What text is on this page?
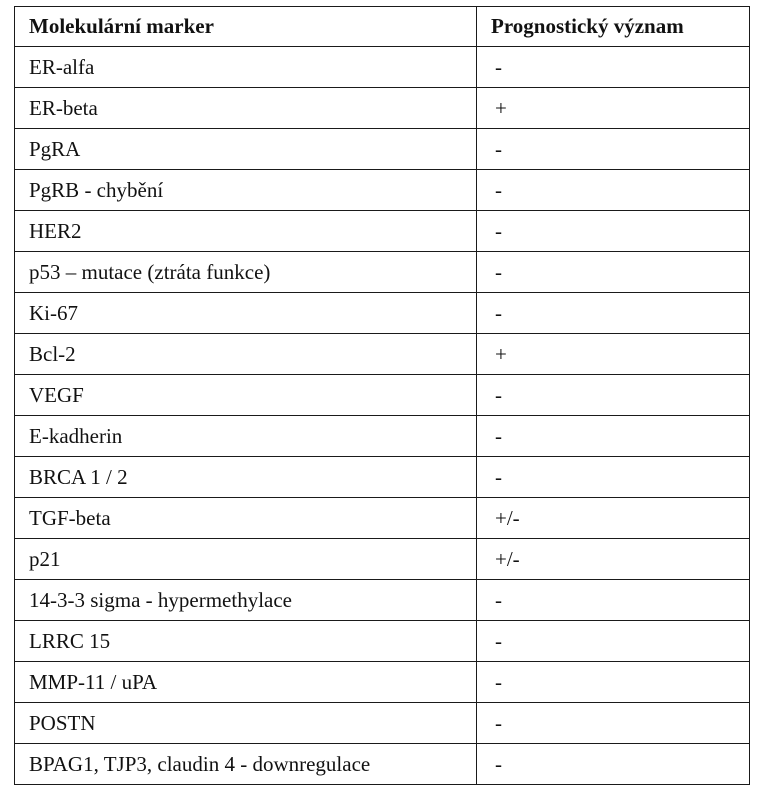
Molekulární marker	Prognostický význam
ER-alfa	-
ER-beta	+
PgRA	-
PgRB - chybění	-
HER2	-
p53 – mutace (ztráta funkce)	-
Ki-67	-
Bcl-2	+
VEGF	-
E-kadherin	-
BRCA 1 / 2	-
TGF-beta	+/-
p21	+/-
14-3-3 sigma - hypermethylace	-
LRRC 15	-
MMP-11 / uPA	-
POSTN	-
BPAG1, TJP3, claudin 4 - downregulace	-
